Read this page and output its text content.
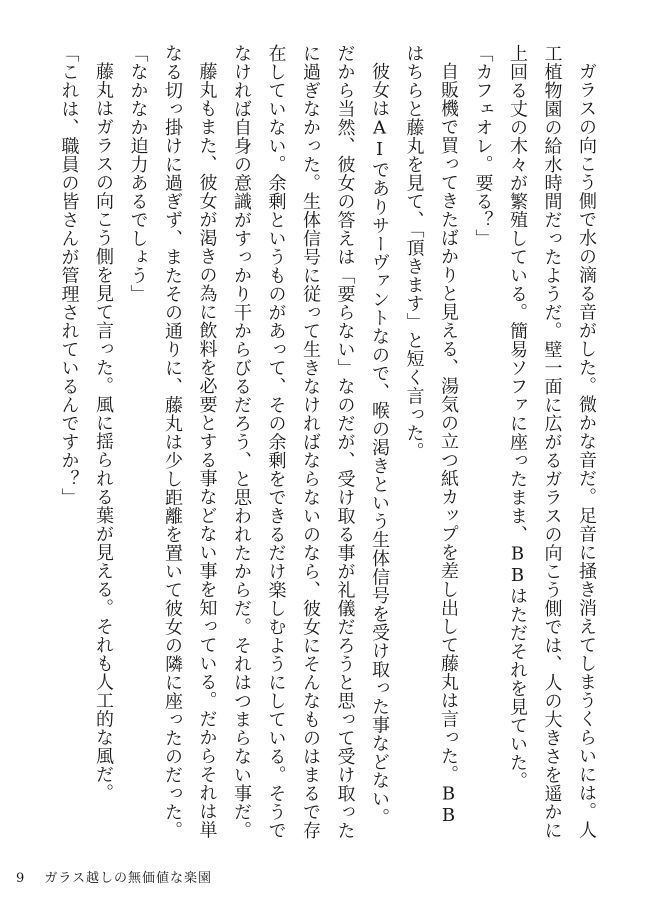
ガラスの向こう側で水の滴る音がした。微かな音だ。足音に掻き消えてしまうくらいには。人工植物園の給水時間だったようだ。壁一面に広がるガラスの向こう側では、人の大きさを遥かに上回る丈の木々が繁殖している。簡易ソファに座ったまま、BBはただそれを見ていた。

「カフェオレ。要る？」

自販機で買ってきたばかりと見える、湯気の立つ紙カップを差し出して藤丸は言った。BBはちらと藤丸を見て、「頂きます」と短く言った。

彼女はAIでありサーヴァントなので、喉の渇きという生体信号を受け取った事などない。だから当然、彼女の答えは「要らない」なのだが、受け取る事が礼儀だろうと思って受け取ったに過ぎなかった。生体信号に従って生きなければならないのなら、彼女にそんなものはまるで存在していない。余剰というものがあって、その余剰をできるだけ楽しむようにしている。そうでなければ自身の意識がすっかり干からびるだろう、と思われたからだ。それはつまらない事だ。

藤丸もまた、彼女が渇きの為に飲料を必要とする事などない事を知っている。だからそれは単なる切っ掛けに過ぎず、またその通りに、藤丸は少し距離を置いて彼女の隣に座ったのだった。

「なかなか迫力あるでしょう」

藤丸はガラスの向こう側を見て言った。風に揺られる葉が見える。それも人工的な風だ。

「これは、職員の皆さんが管理されているんですか？」

9 ガラス越しの無価値な楽園
